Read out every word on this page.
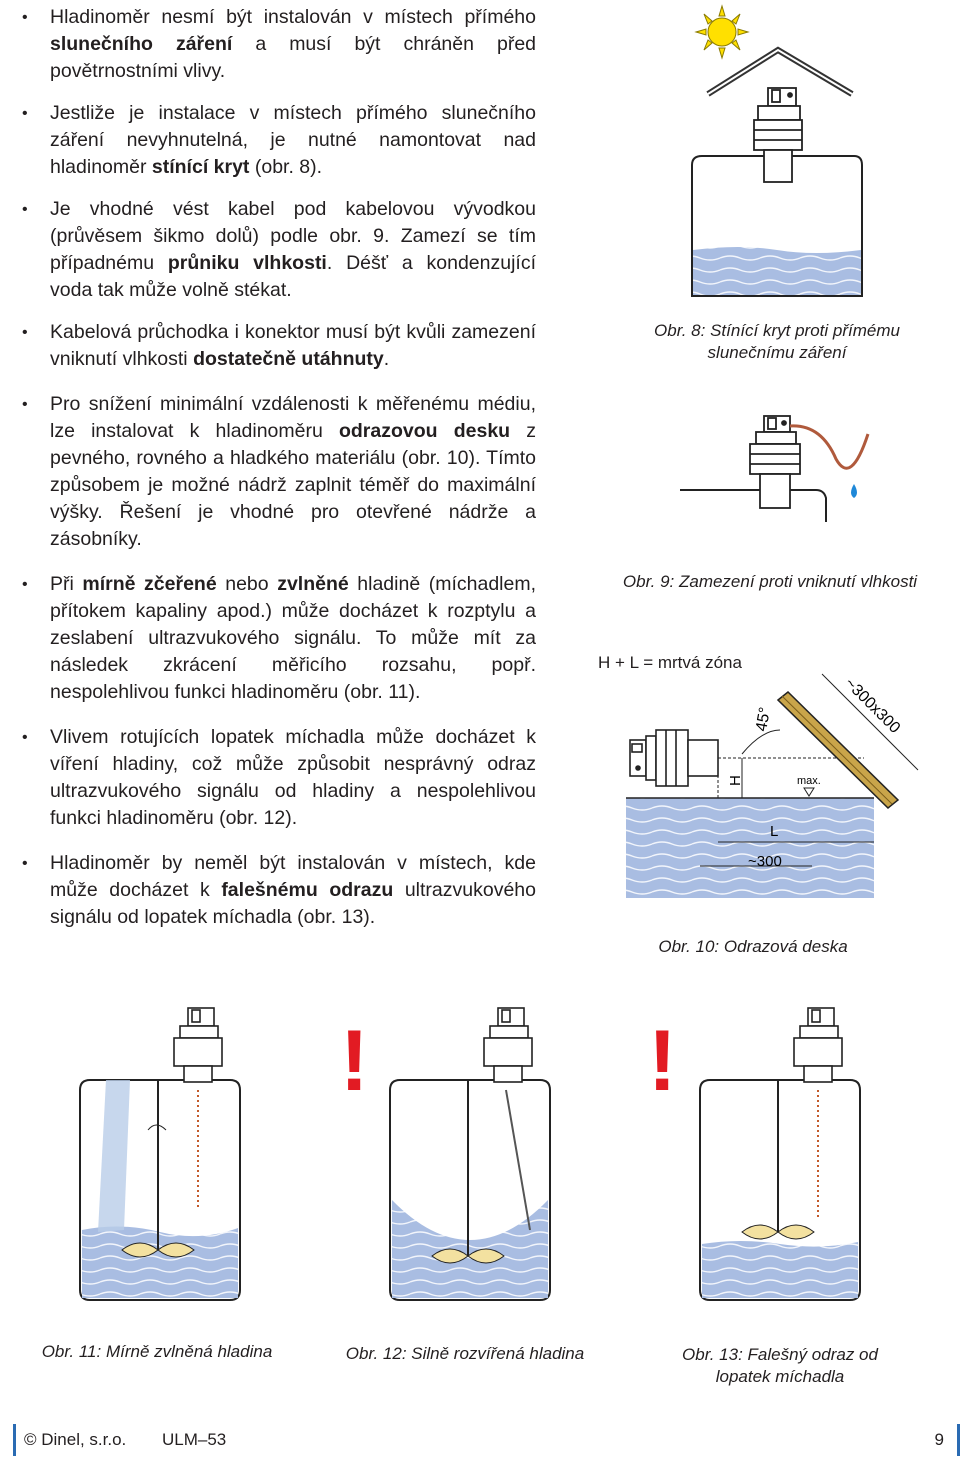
• Hladinoměr nesmí být instalován v místech přímého slunečního záření a musí být chráněn před povětrnostními vlivy.
• Jestliže je instalace v místech přímého slunečního záření nevyhnutelná, je nutné namontovat nad hladinoměr stínící kryt (obr. 8).
• Je vhodné vést kabel pod kabelovou vývodkou (průvěsem šikmo dolů) podle obr. 9. Zamezí se tím případnému průniku vlhkosti. Déšť a kondenzující voda tak může volně stékat.
• Kabelová průchodka i konektor musí být kvůli zamezení vniknutí vlhkosti dostatečně utáhnuty.
• Pro snížení minimální vzdálenosti k měřenému médiu, lze instalovat k hladinoměru odrazovou desku z pevného, rovného a hladkého materiálu (obr. 10). Tímto způsobem je možné nádrž zaplnit téměř do maximální výšky. Řešení je vhodné pro otevřené nádrže a zásobníky.
• Při mírně zčeřené nebo zvlněné hladině (míchadlem, přítokem kapaliny apod.) může docházet k rozptylu a zeslabení ultrazvukového signálu. To může mít za následek zkrácení měřicího rozsahu, popř. nespolehlivou funkci hladinoměru (obr. 11).
• Vlivem rotujících lopatek míchadla může docházet k víření hladiny, což může způsobit nesprávný odraz ultrazvukového signálu od hladiny a nespolehlivou funkci hladinoměru (obr. 12).
• Hladinoměr by neměl být instalován v místech, kde může docházet k falešnému odrazu ultrazvukového signálu od lopatek míchadla (obr. 13).
Obr. 8: Stínící kryt proti přímému slunečnímu záření
Obr. 9: Zamezení proti vniknutí vlhkosti
H + L = mrtvá zóna
45°	~300x300
H	max.
L
~300
Obr. 10: Odrazová deska
Obr. 11: Mírně zvlněná hladina
!
Obr. 12: Silně rozvířená hladina
!
Obr. 13: Falešný odraz od lopatek míchadla
© Dinel, s.r.o. ULM–53	9
